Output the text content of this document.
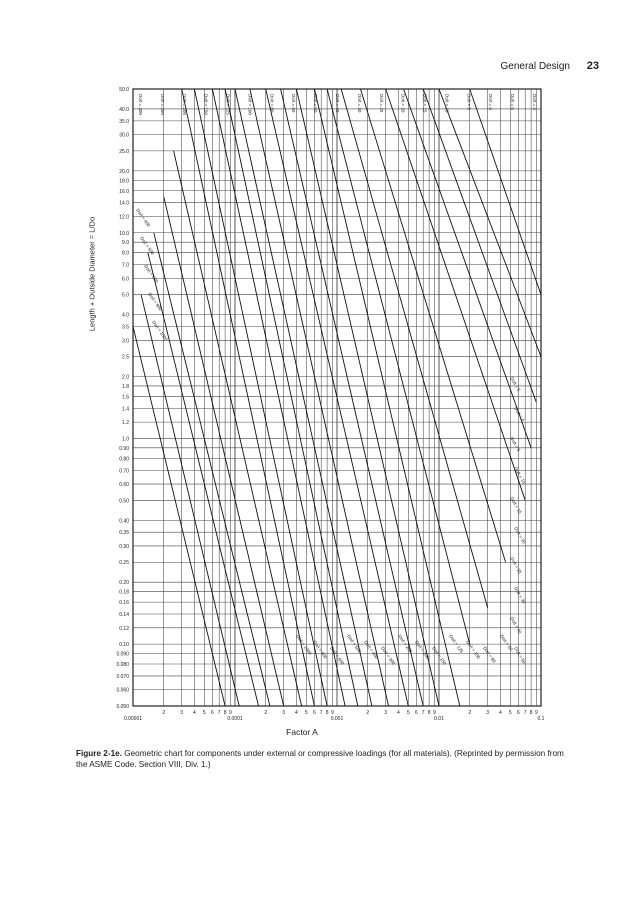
General Design 23
50.0
40.0
35.0
30.0
25.0
20.0
18.0
16.0
14.0
12.0
10.0
9.0
8.0
7.0
6.0
5.0
4.0
3.5
3.0
2.5
2.0
1.8
1.6
1.4
1.2
1.0
0.90
0.80
0.70
0.60
0.50
0.40
0.35
0.30
0.25
0.20
0.18
0.16
0.14
0.12
0.10
0.090
0.080
0.070
0.060
0.050
0.00001	0.0001	0.001	0.01	0.1
2	3 4 5 6 7 8 9	2	3 4 5 6 7 8 9	2	3 4 5 6 7 8 9	2	3 4 5 6 7 8 9
Do/t = 300	Do/t = 250	Do/t = 200	Do/t = 150	Do/t = 125	Do/t = 100	Do/t = 80	Do/t = 60	Do/t = 50	Do/t = 40	Do/t = 30	Do/t = 25	Do/t = 20	Do/t = 15	Do/t = 10	Do/t = 8	Do/t = 6	Do/t = 5	Do/t = 4
Do/t = 400
Do/t = 500
Do/t = 600
Do/t = 800
Do/t = 1000
Do/t = 5
Do/t = 6
Do/t = 8
Do/t = 10
Do/t = 15
Do/t = 20
Do/t = 25
Do/t = 30
Do/t = 40
Do/t = 50
Do/t = 1000 Do/t = 800 Do/t = 600
Do/t = 500 Do/t = 400 Do/t = 300
Do/t = 250 Do/t = 200 Do/t = 150
Do/t = 125 Do/t = 100 Do/t = 80
Do/t = 60
Length + Outside Diameter = L/Do
Factor A
Figure 2-1e. Geometric chart for components under external or compressive loadings (for all materials). (Reprinted by permission from the ASME Code. Section VIII, Div. 1.)
